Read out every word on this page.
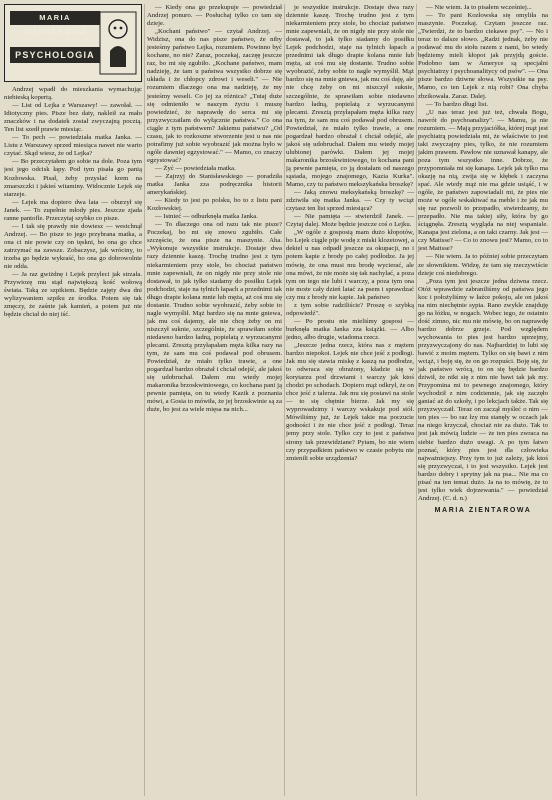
MARIA ZIENTAROWA
PSYCHOLOGIA

Andrzej wpadł do mieszkania wymachując niebieską kopertą.

— List od Lejka z Warszawy! — zawołał. — Idiotyczny pies. Pisze bez daty, nakleił za mało znaczków i na dodatek został zwyczajną pocztą. Ten list szedł prawie miesiąc.

— To pech — powiedziała matka Janka. — Listu z Warszawy sprzed miesiąca nawet nie warto czytać. Skąd wiesz, że od Lejka?

— Bo przeczytałem go sobie na dole. Poza tym jest jego odcisk łapy. Pod tym pisała go panią Kozłowska. Pisał, żeby przysłać krem na zmarszczki i jakieś witaminy. Widocznie Lejek się starzeje.

— Lejek ma dopiero dwa lata — oburzył się Janek. — To zupełnie młody pies. Jeszcze zjada ranne pantofle. Przeczytaj szybko co pisze.

— I tak się prawdy nie dowiesz — westchnął Andrzej. — Bo pisze to jego przybrana matka, a ona ci nie powie czy on tęskni, bo ona go chce zatrzymać na zawsze. Zobaczysz, jak wróciny, to trzeba go będzie wykraść, bo ona go dobrowolnie nie odda.

— Ja raz gwiżdnę i Lejek przyleci jak strzała. Przywiozę mu stąd największą kość wołową świata. Taką ze szpikiem. Będzie zajęty dwa dni wylizywaniem szpiku ze środka. Potem się tak zmęczy, że zaśnie jak kamień, a potem już nie będzie chciał do niej iść.

— Kiedy ona go przekupuje — powiedział Andrzej ponuro. — Posłuchaj tylko co tam się dzieje.

„Kochani państwo" — czytał Andrzej. — Widzisz, ona do nas pisze państwo, że niby jesteśmy państwo Lejka, rozumiem. Powinno być kochane, no nie? Zaraz, poczekaj, zaczęę jeszcze raz, bo mi się zgubiło. „Kochane państwo, mam nadzieję, że tam u państwa wszystko dobrze się układa i że chłopcy zdrowi i weseli." — Nie rozumiem dlaczego ona ma nadzieję, że my jesteśmy weseli. Co jej za różnica? „Tutaj duże się odmieniło w naszym życiu i muszę powiedzieć, że naprawdę do serca mi się przyzwyczaiłam do wyłącznie państwa." Co ona ciągle z tym państwem? Jakiemu państwu? „Od czasu, jak to rozkoszne stworzenie jest u nas nie potrafimy już sobie wyobrazić jak można było w ogóle dawniej egzystować." — Mamo, co znaczy egzystować?

— Żyć — powiedziała matka.

— Zajrzyj do Stanisławskiego — poradziła matka Janka zza podręcznika historii amerykańskiej.

— Kiedy to jest po polsku, bo to z listu pani Kozłowskiej.

— Istnieć — odburknęła matka Janka.

— To dlaczego ona od razu tak nie pisze? Poczekaj, bo mi się znowu zgubiło. Całe szczęście, że ona pisze na maszynie. Aha. „Wykonuje wszystkie instrukcje. Dostaje dwa razy dziennie kaszę. Trochę trudno jest z tym niekarmieniem przy stole, bo chociaż państwo mnie zapewniali, że on nigdy nie przy stole nie dostawał, to jak tylko siadamy do posiłku Lejek podchodzi, staje na tylnich łapach a przednimi tak długo drapie kolana mnie lub męża, aż coś mu się dostanie. Trudno sobie wyobrazić, żeby sobie to nagle wymyślił. Mąż bardzo się na mnie gniewa, jak mu coś dajemy, ale nie chcę żeby on mi niszczył suknie, szczególnie, że sprawiłam sobie niedawno bardzo ładną, popielatą z wyrzucanymi plecami. Zresztą przyłapałam męża kilka razy na tym, że sam mu coś podawał pod obrusem. Powiedział, że miało tylko trawie, a one pogardzał bardzo obrażał i chciał odejść, ale jakoś się udobruchał. Dałem mu wtedy mojej makaronika brzoskwiniowego, co kochana pani ją pewnie pamięta, on tu wtedy Kazik z poznania mówi, a Gosia to mówiła, że jej brzoskwinie są za duże, bo jest za wiele mięsa na nich...

je wszystkie instrukcje. Dostaje dwa razy dziennie kaszę. Trochę trudno jest z tym niekarmieniem przy stole, bo chociaż państwo mnie zapewniali, że on nigdy nie przy stole nie dostawał, to jak tylko siadamy do posiłku Lejek podchodzi, staje na tylnich łapach a przednimi tak długo drapie kolana mnie lub męża, aż coś mu się dostanie. Trudno sobie wyobrazić, żeby sobie to nagle wymyślił. Mąż bardzo się na mnie gniewa, jak mu coś daję, ale nie chcę żeby on mi niszczył suknie, szczególnie, że sprawiłam sobie niedawno bardzo ładną, popielatą z wyrzucanymi plecami. Zresztą przyłapałam męża kilka razy na tym, że sam mu coś podawał pod obrusem. Powiedział, że miało tylko trawie, a one pogardzał bardzo obrażał i chciał odejść, ale jakoś się udobruchał. Dałem mu wtedy mojej ulubionej parówki. Dałem jej mojej makaronika brzoskwiniowego, to kochana pani ją pewnie pamięta, co ją dostałam od naszego sąsiada, mojego znajomego, Kazia Kurka". Mamo, czy tu państwo mekszykańska broszkę?

— Jaką znowu meksykańską broszkę? — zdziwiła się matka Janka. — Czy ty wciąż czytasz ten list sprzed miesiąca?

— Nie pamięta — stwierdził Janek. — Czytaj dalej. Może będzie jeszcze coś o Lejku.

„W ogóle z gosposią mam dużo kłopotów, bo Lejek ciągle pije wodę z miski klozetowej, a dekiel u nas odpadł jeszcze za okupacji, no i potem kapie z brody po całej podłodze. Ja jej mówię, że ona musi mu brodę wycierać, ale ona mówi, że nie może się tak nachylać, a poza tym on tego nie lubi i warczy, a poza tym ona nie może cały dzień latać za psem i sprawdzać czy mu z brody nie kapie. Jak państwo

z tym sobie radziliście? Proszę o szybką odpowiedź".

— Po prostu nie mieliśmy gosposi — burknęła matka Janka zza książki. — Albo jedno, albo drugie, wiadoma rzecz.

„Jeszcze jedna rzecz, która nas z mężem bardzo niepokoi. Lejek nie chce jeść z podłogi. Jak mu się stawia miskę z kaszą na podłodze, to odwraca się obrażony, kładzie się w korytarzu pod drzwiami i warczy jak ktoś chodzi po schodach. Dopiero mąż odkrył, że on chce jeść z talerza. Jak mu się postawi na stole — to się chętnie bierze. Jak my się wyprowadzimy i warczy wskakuje pod stół. Mówiliśmy już, że Lejek takie ma poczucie godności i że nie chce jeść z podłogi. Teraz jemy przy stole. Tylko czy to jest z państwa strony tak przewidziane? Pytam, bo nie wiem czy przypadkiem państwo w czasie pobytu nie zmienili sobie urządzenia?

— Nie wiem. Ja to pisałem wcześniej...

— To pani Kozłowska się omyliła na maszynie. Poczekaj. Czytam jeszcze raz. „Twierdzi, że to bardzo ciekawe psy". — No i teraz to dalsze słowo. „Radzi jednak, żeby nie podawać mu do stołu razem z nami, bo wtedy będziemy mieli kłopot jak przyjdą goście. Podobno tam w Ameryce są specjalni psychiatrzy i psychoanalitycy od psów". — Ona pisze bardzo dziwne słowa. Wszystkie na psy. Mamo, co ten Lejek z nią robi? Ona chyba zbzikowała. Zaraz. Dalej.

— To bardzo długi list.

„U nas teraz jest już też, chwała Bogu, nawrót do psychoanalizy". — Mamu, ja nie rozumiem. — Mają przyjaciółka, której mąż jest psychiatrą powiedziała mi, że właściwie to jest taki zwyczajny pies, tylko, że nie rozumiem jakim prawem. Pawłow nie uznawał kanapy, ale poza tym wszystko inne. Dobrze, że przypomniała mi się kanapa. Lejek jak tylko ma okazję na nią, zwija się w kłębek i zaczyna spać. Ale wtedy mąż nie ma gdzie usiąść, i w ogóle, że państwo zapowiadali mi, że pies nie może w ogóle wskakiwać na meble i że jak mu się raz pozwoli to przepadło, stwierdzamy, że przepadło. Nie ma takiej siły, która by go ściągnęła. Zresztą wygląda na niej wspaniale. Kanapa jest zielona, a on taki czarny. Jak jest — czy Matisse? — Co to znowu jest? Mamo, co to jest Matisse?

— Nie wiem. Ja to później sobie przeczytam ze słownikiem. Widzę, że tam się rzeczywiście dzieje coś niedobrego.

„Poza tym jest jeszcze jedna dziwna rzecz. Otóż wprawdzie zabraniliśmy od państwa jego koc i położyliśmy w łaźce pokoju, ale on jakoś na nim niechętnie sypia. Rano zwykle znajduję go na łóżku, w nogach. Wobec tego, że ostatnio dość zimno, nic mu nie mówię, bo on naprawdę bardzo dobrze grzeje. Pod względem wychowania to pies jest bardzo uprzejmy, przyzwyczajony do nas. Najbardziej to lubi się bawić z moim mężem. Tylko on się bawi z nim wciąż, i boję się, że on go rozpuści. Boję się, że jak państwo wrócą, to on się będzie bardzo dziwił, że nikt się z nim nie bawi tak jak my. Przypomina mi to pewnego znajomego, który wychodził z nim codziennie, jak się zaczęło ganiać aż do szkoły, i po lekcjach także. Tak się przyzwyczaił. Teraz on zaczął myśleć o nim — ten pies — bo raz łzy mu stanęły w oczach jak na niego krzyczał, chociaż nie za dużo. Tak to jest jak mówią ludzie — że ten pies zwraca na siebie bardzo dużo uwagi. A po tym łatwo poznać, który pies jest dla człowieka najważniejszy. Przy tym to już zależy, jak ktoś się przyzwyczai, i to jest wszystko. Lejek jest bardzo dobry i sprytny jak na psa... Nie ma co pisać na ten temat dużo. Ja na to mówię, że to jest tylko wiek dojrzewania." — powiedział Andrzej. (C. d. n.)

MARIA ZIENTAROWA
